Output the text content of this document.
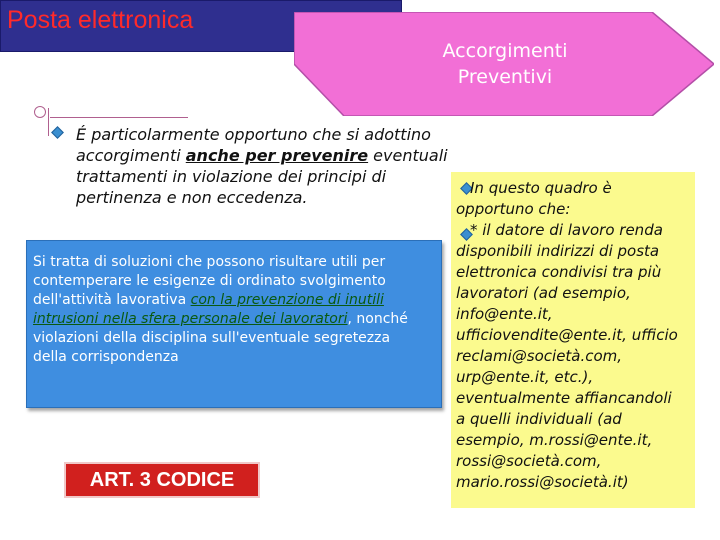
Posta elettronica
Accorgimenti
Preventivi
É particolarmente opportuno che si adottino
accorgimenti anche per prevenire eventuali
trattamenti in violazione dei principi di
pertinenza e non eccedenza.
Si tratta di soluzioni che possono risultare utili per contemperare le esigenze di ordinato svolgimento dell'attività lavorativa con la prevenzione di inutili intrusioni nella sfera personale dei lavoratori, nonché violazioni della disciplina sull'eventuale segretezza
della corrispondenza
ART. 3 CODICE
In questo quadro è
opportuno che:
* il datore di lavoro renda
disponibili indirizzi di posta
elettronica condivisi tra più
lavoratori (ad esempio,
info@ente.it,
ufficiovendite@ente.it, ufficio
reclami@società.com,
urp@ente.it, etc.),
eventualmente affiancandoli
a quelli individuali (ad
esempio, m.rossi@ente.it,
rossi@società.com,
mario.rossi@società.it)
